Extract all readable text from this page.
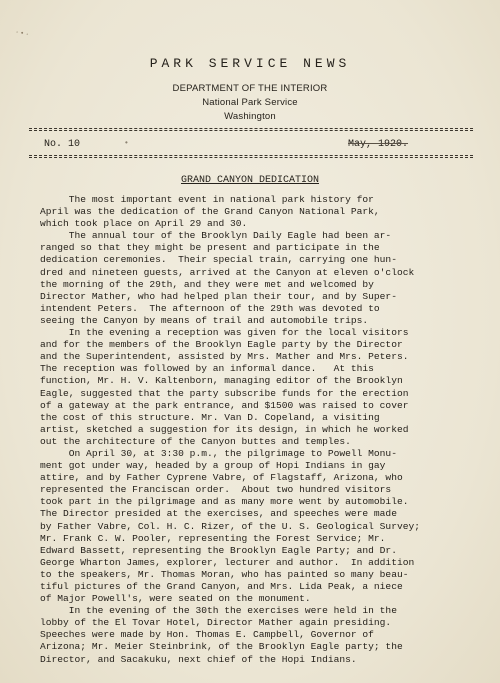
·•·
PARK SERVICE NEWS
DEPARTMENT OF THE INTERIOR
National Park Service
Washington
No. 10	•	May, 1920.
GRAND CANYON DEDICATION
The most important event in national park history for
April was the dedication of the Grand Canyon National Park,
which took place on April 29 and 30.
The annual tour of the Brooklyn Daily Eagle had been ar-
ranged so that they might be present and participate in the
dedication ceremonies.  Their special train, carrying one hun-
dred and nineteen guests, arrived at the Canyon at eleven o'clock
the morning of the 29th, and they were met and welcomed by
Director Mather, who had helped plan their tour, and by Super-
intendent Peters.  The afternoon of the 29th was devoted to
seeing the Canyon by means of trail and automobile trips.
In the evening a reception was given for the local visitors
and for the members of the Brooklyn Eagle party by the Director
and the Superintendent, assisted by Mrs. Mather and Mrs. Peters.
The reception was followed by an informal dance.   At this
function, Mr. H. V. Kaltenborn, managing editor of the Brooklyn
Eagle, suggested that the party subscribe funds for the erection
of a gateway at the park entrance, and $1500 was raised to cover
the cost of this structure. Mr. Van D. Copeland, a visiting
artist, sketched a suggestion for its design, in which he worked
out the architecture of the Canyon buttes and temples.
On April 30, at 3:30 p.m., the pilgrimage to Powell Monu-
ment got under way, headed by a group of Hopi Indians in gay
attire, and by Father Cyprene Vabre, of Flagstaff, Arizona, who
represented the Franciscan order.  About two hundred visitors
took part in the pilgrimage and as many more went by automobile.
The Director presided at the exercises, and speeches were made
by Father Vabre, Col. H. C. Rizer, of the U. S. Geological Survey;
Mr. Frank C. W. Pooler, representing the Forest Service; Mr.
Edward Bassett, representing the Brooklyn Eagle Party; and Dr.
George Wharton James, explorer, lecturer and author.  In addition
to the speakers, Mr. Thomas Moran, who has painted so many beau-
tiful pictures of the Grand Canyon, and Mrs. Lida Peak, a niece
of Major Powell's, were seated on the monument.
In the evening of the 30th the exercises were held in the
lobby of the El Tovar Hotel, Director Mather again presiding.
Speeches were made by Hon. Thomas E. Campbell, Governor of
Arizona; Mr. Meier Steinbrink, of the Brooklyn Eagle party; the
Director, and Sacakuku, next chief of the Hopi Indians.
